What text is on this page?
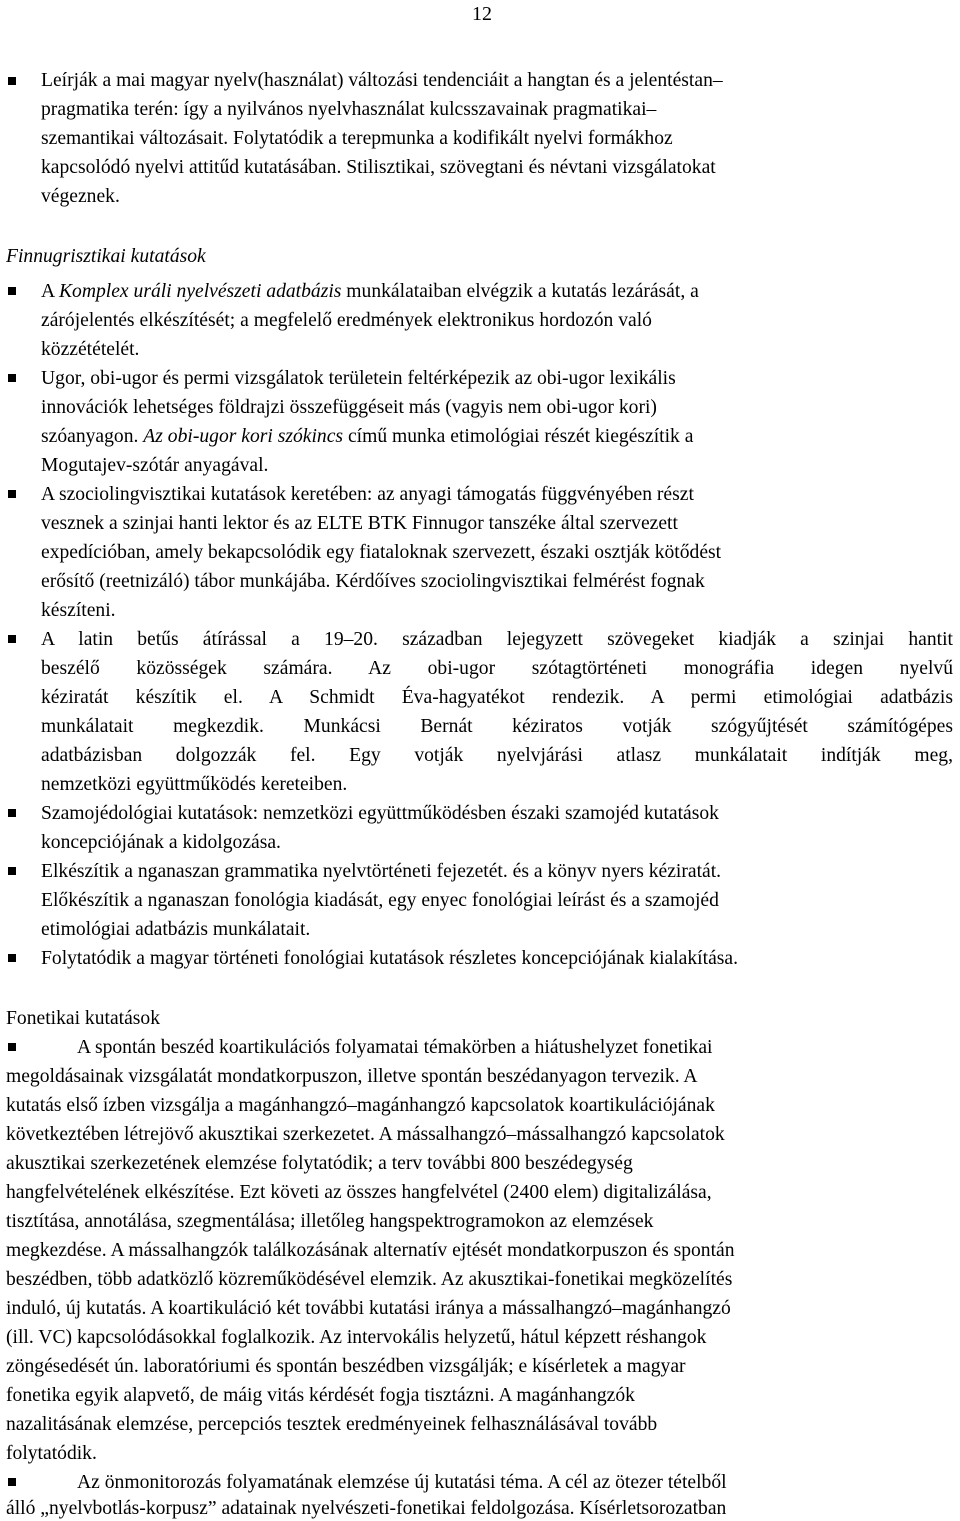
12
Leírják a mai magyar nyelv(használat) változási tendenciáit a hangtan és a jelentéstan–
pragmatika terén: így a nyilvános nyelvhasználat kulcsszavainak pragmatikai–
szemantikai változásait. Folytatódik a terepmunka a kodifikált nyelvi formákhoz
kapcsolódó nyelvi attitűd kutatásában. Stilisztikai, szövegtani és névtani vizsgálatokat
végeznek.
Finnugrisztikai kutatások
A Komplex uráli nyelvészeti adatbázis munkálataiban elvégzik a kutatás lezárását, a
zárójelentés elkészítését; a megfelelő eredmények elektronikus hordozón való
közzétételét.
Ugor, obi-ugor és permi vizsgálatok területein feltérképezik az obi-ugor lexikális
innovációk lehetséges földrajzi összefüggéseit más (vagyis nem obi-ugor kori)
szóanyagon. Az obi-ugor kori szókincs című munka etimológiai részét kiegészítik a
Mogutajev-szótár anyagával.
A szociolingvisztikai kutatások keretében: az anyagi támogatás függvényében részt
vesznek a szinjai hanti lektor és az ELTE BTK Finnugor tanszéke által szervezett
expedícióban, amely bekapcsolódik egy fiataloknak szervezett, északi osztják kötődést
erősítő (reetnizáló) tábor munkájába. Kérdőíves szociolingvisztikai felmérést fognak
készíteni.
A latin betűs átírással a 19–20. században lejegyzett szövegeket kiadják a szinjai hantit
beszélő közösségek számára. Az obi-ugor szótagtörténeti monográfia idegen nyelvű
kéziratát készítik el. A Schmidt Éva-hagyatékot rendezik. A permi etimológiai adatbázis
munkálatait megkezdik. Munkácsi Bernát kéziratos votják szógyűjtését számítógépes
adatbázisban dolgozzák fel. Egy votják nyelvjárási atlasz munkálatait indítják meg,
nemzetközi együttműködés kereteiben.
Szamojédológiai kutatások: nemzetközi együttműködésben északi szamojéd kutatások
koncepciójának a kidolgozása.
Elkészítik a nganaszan grammatika nyelvtörténeti fejezetét. és a könyv nyers kéziratát.
Előkészítik a nganaszan fonológia kiadását, egy enyec fonológiai leírást és a szamojéd
etimológiai adatbázis munkálatait.
Folytatódik a magyar történeti fonológiai kutatások részletes koncepciójának kialakítása.
Fonetikai kutatások
A spontán beszéd koartikulációs folyamatai témakörben a hiátushelyzet fonetikai
megoldásainak vizsgálatát mondatkorpuszon, illetve spontán beszédanyagon tervezik. A
kutatás első ízben vizsgálja a magánhangzó–magánhangzó kapcsolatok koartikulációjának
következtében létrejövő akusztikai szerkezetet. A mássalhangzó–mássalhangzó kapcsolatok
akusztikai szerkezetének elemzése folytatódik; a terv további 800 beszédegység
hangfelvételének elkészítése. Ezt követi az összes hangfelvétel (2400 elem) digitalizálása,
tisztítása, annotálása, szegmentálása; illetőleg hangspektrogramokon az elemzések
megkezdése. A mássalhangzók találkozásának alternatív ejtését mondatkorpuszon és spontán
beszédben, több adatközlő közreműködésével elemzik. Az akusztikai-fonetikai megközelítés
induló, új kutatás. A koartikuláció két további kutatási iránya a mássalhangzó–magánhangzó
(ill. VC) kapcsolódásokkal foglalkozik. Az intervokális helyzetű, hátul képzett réshangok
zöngésedését ún. laboratóriumi és spontán beszédben vizsgálják; e kísérletek a magyar
fonetika egyik alapvető, de máig vitás kérdését fogja tisztázni. A magánhangzók
nazalitásának elemzése, percepciós tesztek eredményeinek felhasználásával tovább
folytatódik.
Az önmonitorozás folyamatának elemzése új kutatási téma. A cél az ötezer tételből
álló „nyelvbotlás-korpusz” adatainak nyelvészeti-fonetikai feldolgozása. Kísérletsorozatban
